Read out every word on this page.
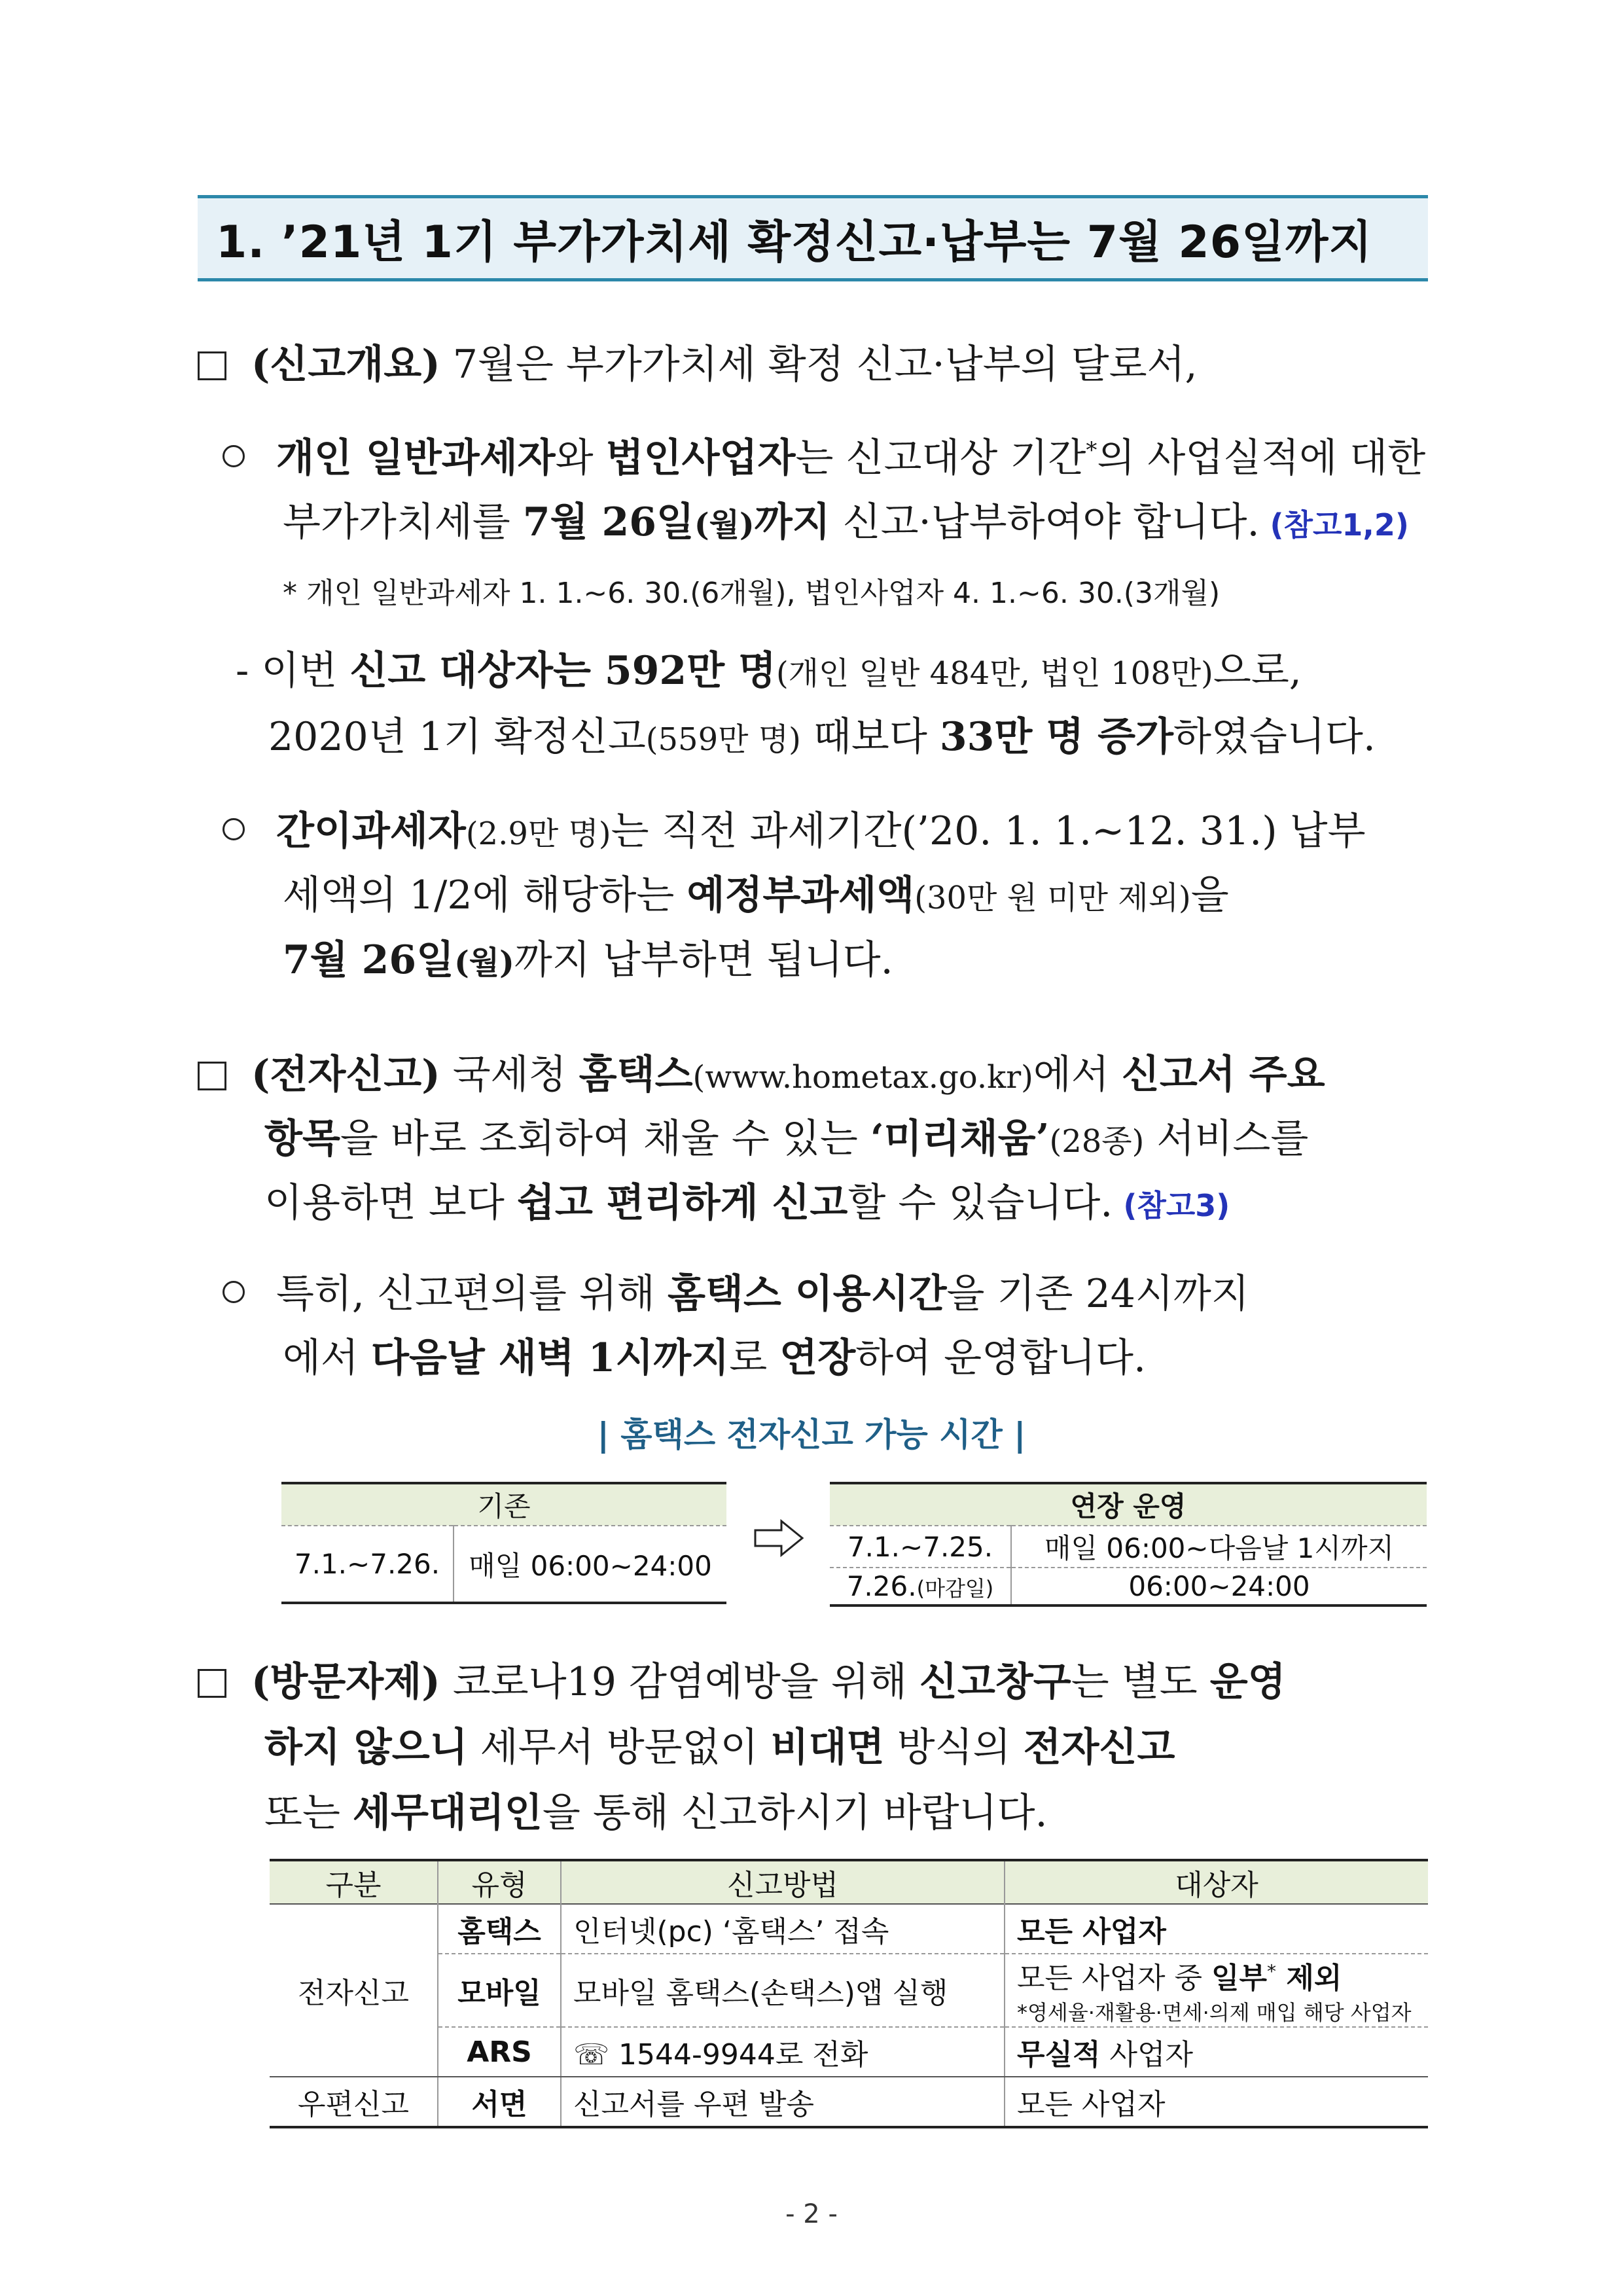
1. ’21년 1기 부가가치세 확정신고·납부는 7월 26일까지
(신고개요) 7월은 부가가치세 확정 신고·납부의 달로서,
개인 일반과세자와 법인사업자는 신고대상 기간*의 사업실적에 대한
부가가치세를 7월 26일(월)까지 신고·납부하여야 합니다. (참고1,2)
* 개인 일반과세자 1. 1.~6. 30.(6개월), 법인사업자 4. 1.~6. 30.(3개월)
- 이번 신고 대상자는 592만 명(개인 일반 484만, 법인 108만)으로,
2020년 1기 확정신고(559만 명) 때보다 33만 명 증가하였습니다.
간이과세자(2.9만 명)는 직전 과세기간(’20. 1. 1.~12. 31.) 납부
세액의 1/2에 해당하는 예정부과세액(30만 원 미만 제외)을
7월 26일(월)까지 납부하면 됩니다.
(전자신고) 국세청 홈택스(www.hometax.go.kr)에서 신고서 주요
항목을 바로 조회하여 채울 수 있는 ‘미리채움’(28종) 서비스를
이용하면 보다 쉽고 편리하게 신고할 수 있습니다. (참고3)
특히, 신고편의를 위해 홈택스 이용시간을 기존 24시까지
에서 다음날 새벽 1시까지로 연장하여 운영합니다.
| 홈택스 전자신고 가능 시간 |
기존
7.1.~7.26.	매일 06:00~24:00
연장 운영	
7.1.~7.25.	매일 06:00~다음날 1시까지
7.26.(마감일)	06:00~24:00
(방문자제) 코로나19 감염예방을 위해 신고창구는 별도 운영
하지 않으니 세무서 방문없이 비대면 방식의 전자신고
또는 세무대리인을 통해 신고하시기 바랍니다.
구분	유형	신고방법	대상자
전자신고	홈택스	인터넷(pc) ‘홈택스’ 접속	모든 사업자
	모바일	모바일 홈택스(손택스)앱 실행	모든 사업자 중 일부* 제외
*영세율·재활용·면세·의제 매입 해당 사업자

	ARS	☏ 1544-9944로 전화	무실적 사업자
우편신고	서면	신고서를 우편 발송	모든 사업자
- 2 -
